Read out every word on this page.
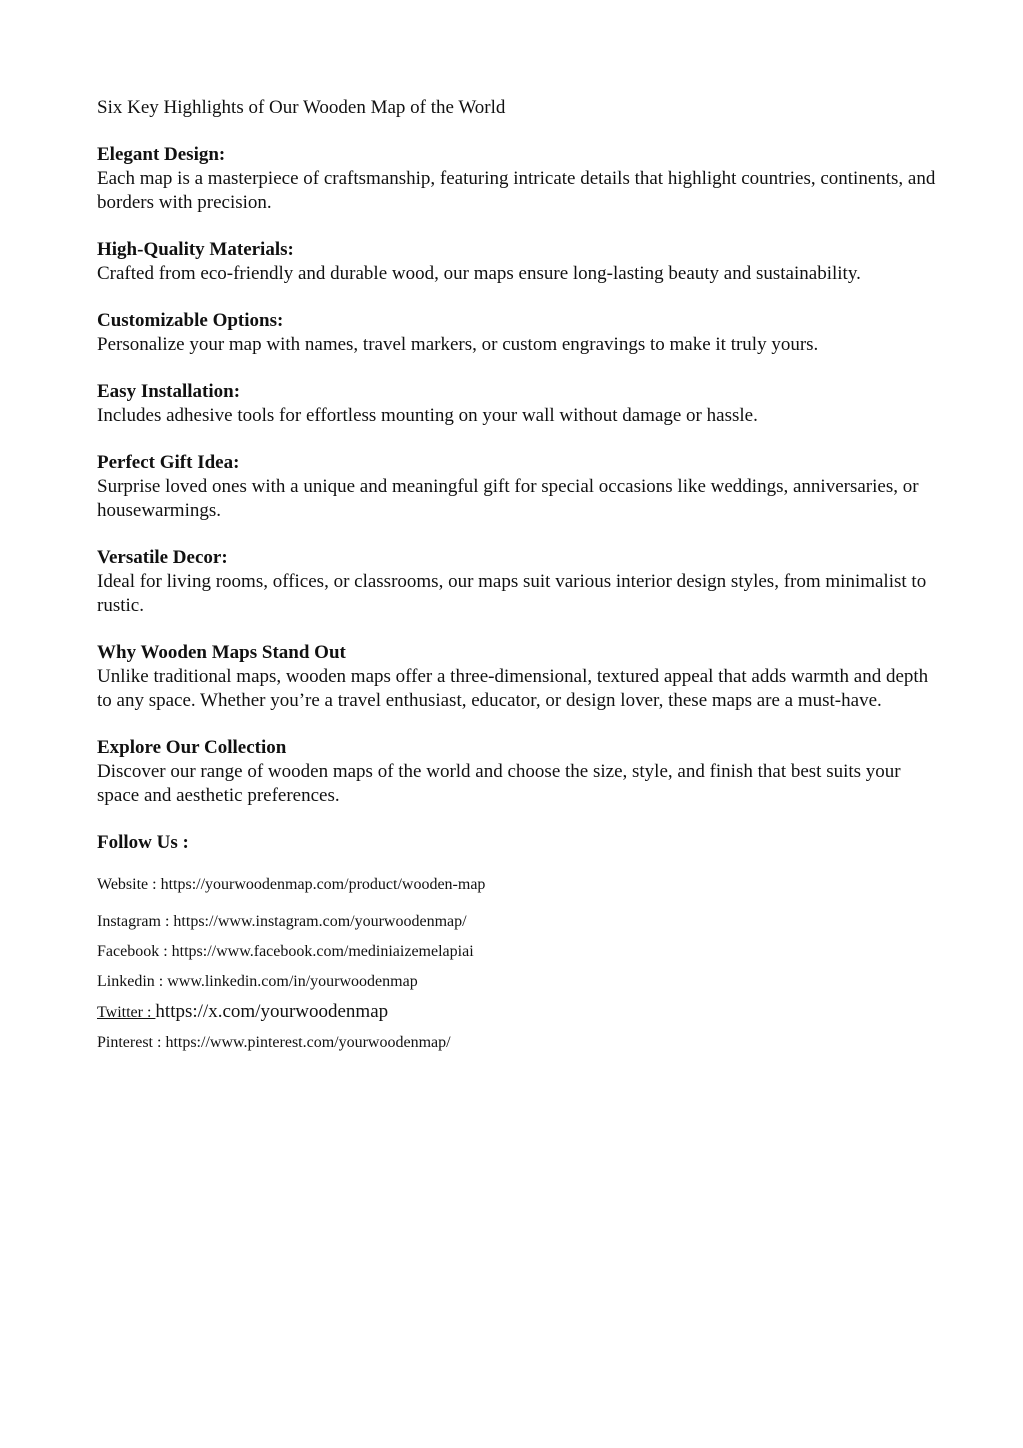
Six Key Highlights of Our Wooden Map of the World

Elegant Design:

Each map is a masterpiece of craftsmanship, featuring intricate details that highlight countries, continents, and borders with precision.

High-Quality Materials:

Crafted from eco-friendly and durable wood, our maps ensure long-lasting beauty and sustainability.

Customizable Options:

Personalize your map with names, travel markers, or custom engravings to make it truly yours.

Easy Installation:

Includes adhesive tools for effortless mounting on your wall without damage or hassle.

Perfect Gift Idea:

Surprise loved ones with a unique and meaningful gift for special occasions like weddings, anniversaries, or housewarmings.

Versatile Decor:

Ideal for living rooms, offices, or classrooms, our maps suit various interior design styles, from minimalist to rustic.

Why Wooden Maps Stand Out

Unlike traditional maps, wooden maps offer a three-dimensional, textured appeal that adds warmth and depth to any space. Whether you’re a travel enthusiast, educator, or design lover, these maps are a must-have.

Explore Our Collection

Discover our range of wooden maps of the world and choose the size, style, and finish that best suits your space and aesthetic preferences.

Follow Us :

Website : https://yourwoodenmap.com/product/wooden-map
Instagram : https://www.instagram.com/yourwoodenmap/
Facebook : https://www.facebook.com/mediniaizemelapiai
Linkedin : www.linkedin.com/in/yourwoodenmap
Twitter : https://x.com/yourwoodenmap
Pinterest : https://www.pinterest.com/yourwoodenmap/
